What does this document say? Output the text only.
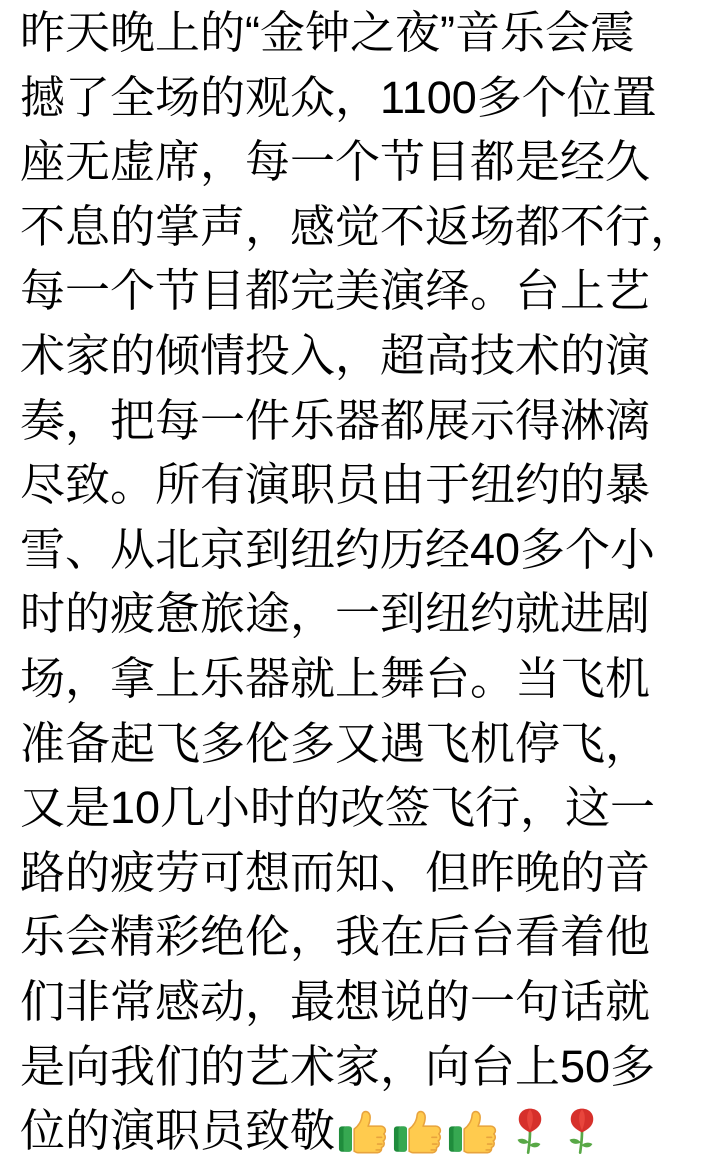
昨天晚上的“金钟之夜”音乐会震
撼了全场的观众，1100多个位置
座无虚席，每一个节目都是经久
不息的掌声，感觉不返场都不行，
每一个节目都完美演绎。台上艺
术家的倾情投入，超高技术的演
奏，把每一件乐器都展示得淋漓
尽致。所有演职员由于纽约的暴
雪、从北京到纽约历经40多个小
时的疲惫旅途，一到纽约就进剧
场，拿上乐器就上舞台。当飞机
准备起飞多伦多又遇飞机停飞，
又是10几小时的改签飞行，这一
路的疲劳可想而知、但昨晚的音
乐会精彩绝伦，我在后台看着他
们非常感动，最想说的一句话就
是向我们的艺术家，向台上50多
位的演职员致敬
